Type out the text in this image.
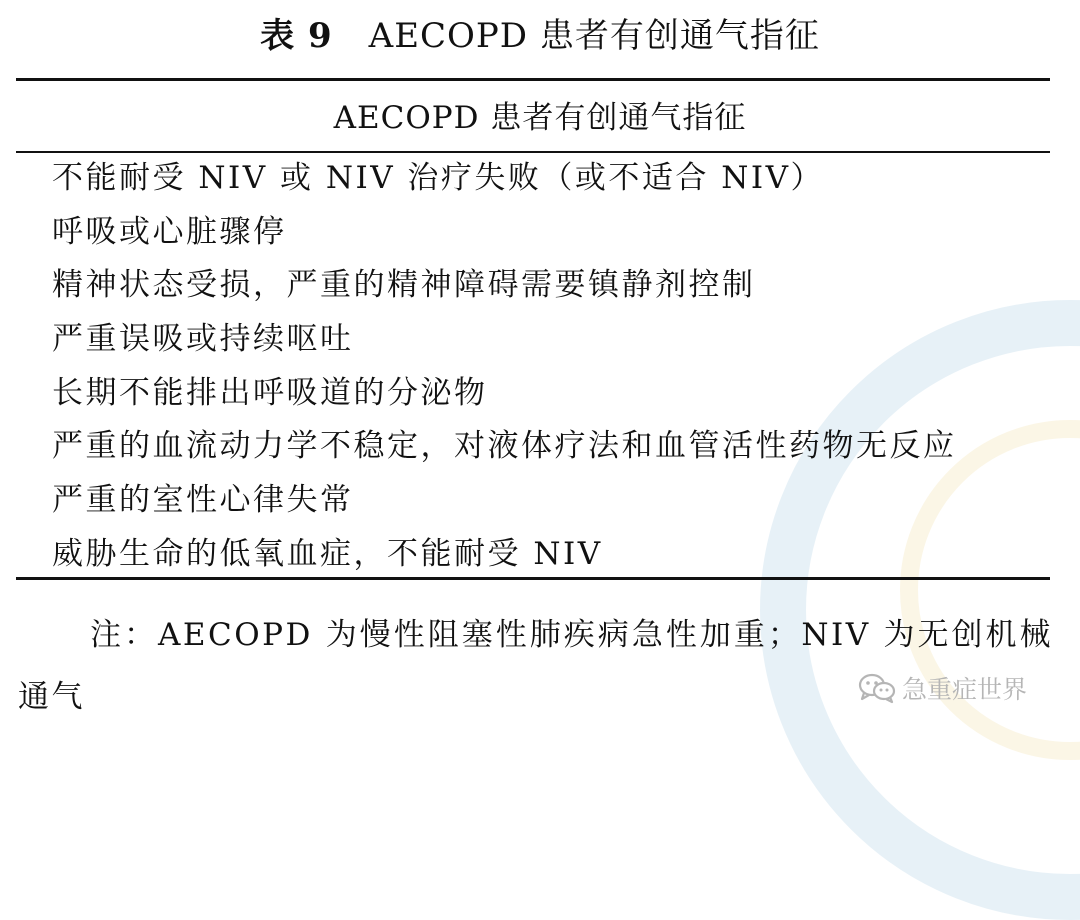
表 9 AECOPD 患者有创通气指征
AECOPD 患者有创通气指征
不能耐受 NIV 或 NIV 治疗失败（或不适合 NIV）
呼吸或心脏骤停
精神状态受损，严重的精神障碍需要镇静剂控制
严重误吸或持续呕吐
长期不能排出呼吸道的分泌物
严重的血流动力学不稳定，对液体疗法和血管活性药物无反应
严重的室性心律失常
威胁生命的低氧血症，不能耐受 NIV
注：AECOPD 为慢性阻塞性肺疾病急性加重；NIV 为无创机械通气	急重症世界
